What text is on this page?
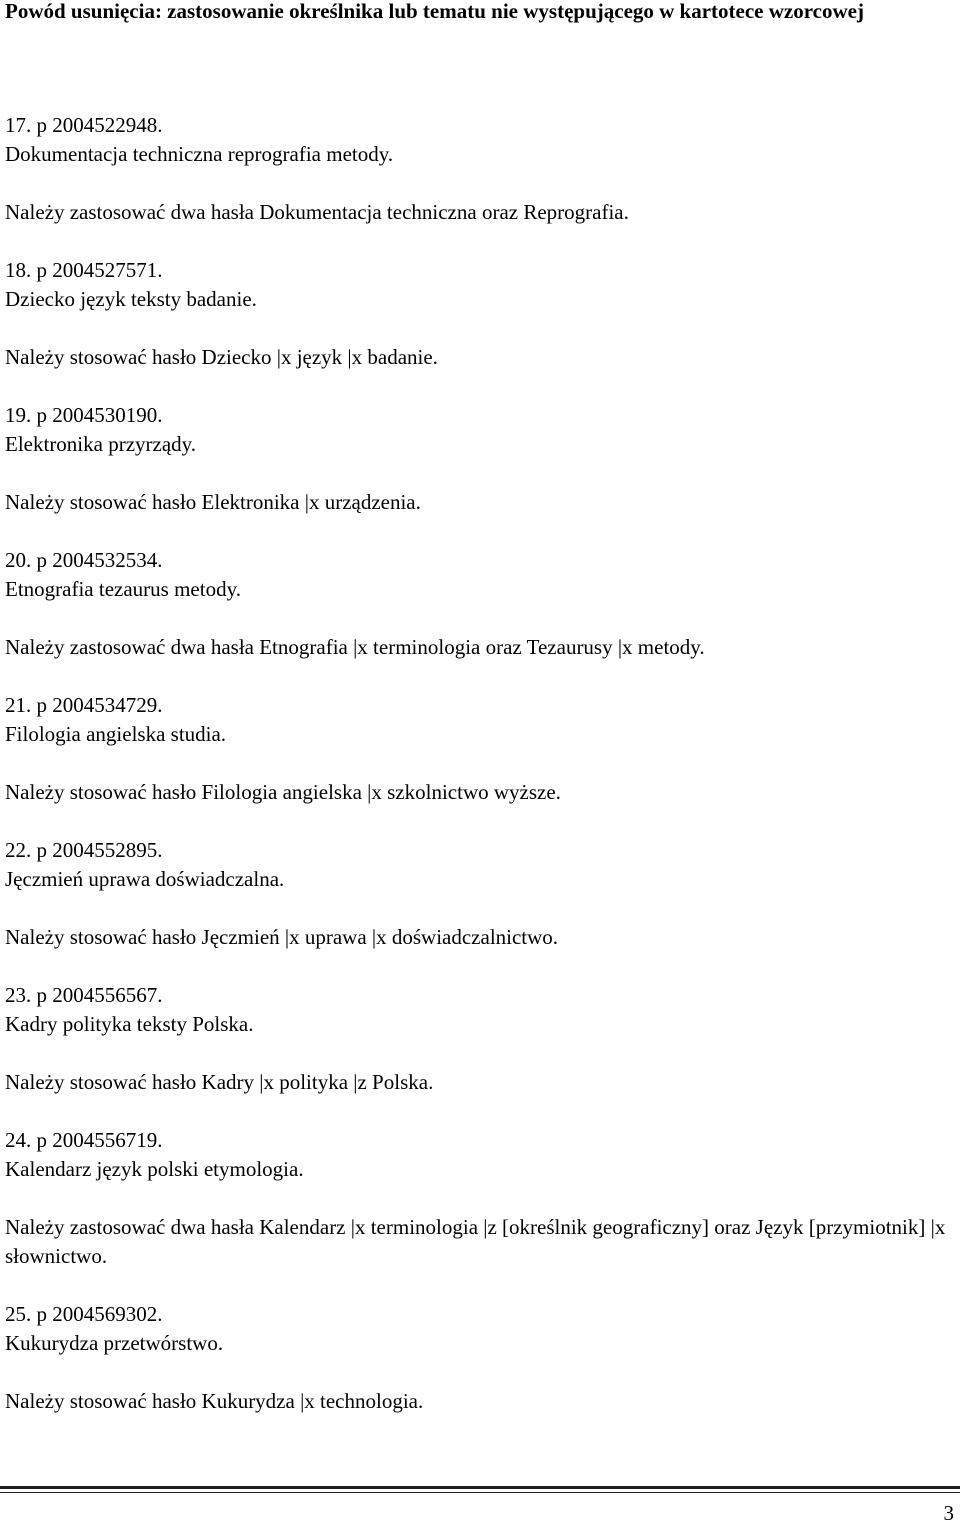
Powód usunięcia: zastosowanie określnika lub tematu nie występującego w kartotece wzorcowej

17. p 2004522948.

Dokumentacja techniczna reprografia metody.

Należy zastosować dwa hasła Dokumentacja techniczna oraz Reprografia.

18. p 2004527571.

Dziecko język teksty badanie.

Należy stosować hasło Dziecko |x język |x badanie.

19. p 2004530190.

Elektronika przyrządy.

Należy stosować hasło Elektronika |x urządzenia.

20. p 2004532534.

Etnografia tezaurus metody.

Należy zastosować dwa hasła Etnografia |x terminologia oraz Tezaurusy |x metody.

21. p 2004534729.

Filologia angielska studia.

Należy stosować hasło Filologia angielska |x szkolnictwo wyższe.

22. p 2004552895.

Jęczmień uprawa doświadczalna.

Należy stosować hasło Jęczmień |x uprawa |x doświadczalnictwo.

23. p 2004556567.

Kadry polityka teksty Polska.

Należy stosować hasło Kadry |x polityka |z Polska.

24. p 2004556719.

Kalendarz język polski etymologia.

Należy zastosować dwa hasła Kalendarz |x terminologia |z [określnik geograficzny] oraz Język [przymiotnik] |x słownictwo.

25. p 2004569302.

Kukurydza przetwórstwo.

Należy stosować hasło Kukurydza |x technologia.

3
